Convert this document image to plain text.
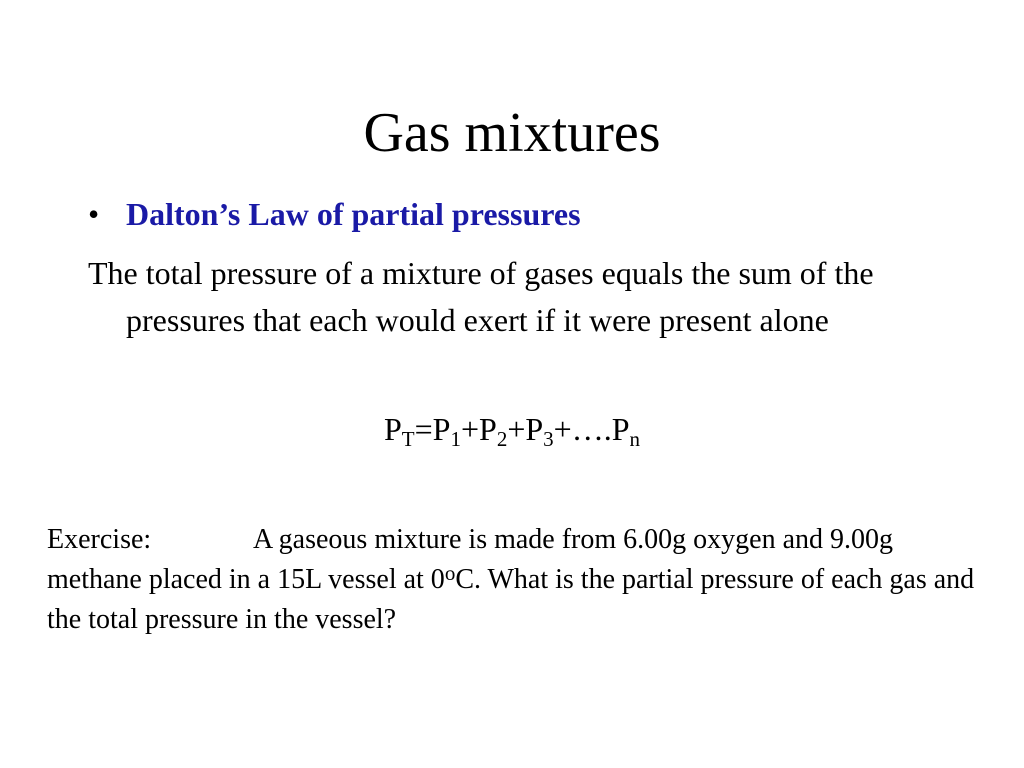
Gas mixtures
• Dalton’s Law of partial pressures

The total pressure of a mixture of gases equals the sum of the pressures that each would exert if it were present alone

$P_T=P_1+P_2+P_3+\dots.P_n$

Exercise:	A gaseous mixture is made from 6.00g oxygen and 9.00g methane placed in a 15L vessel at 0$^o$C. What is the partial pressure of each gas and the total pressure in the vessel?
